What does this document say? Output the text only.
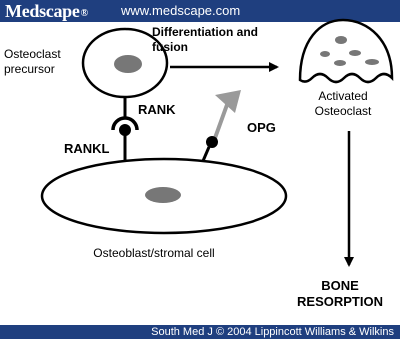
Medscape®	www.medscape.com
Osteoclast
precursor
Differentiation and
fusion
Activated
Osteoclast
BONE
RESORPTION
RANK
RANKL
OPG
Osteoblast/stromal cell
South Med J © 2004 Lippincott Williams & Wilkins
